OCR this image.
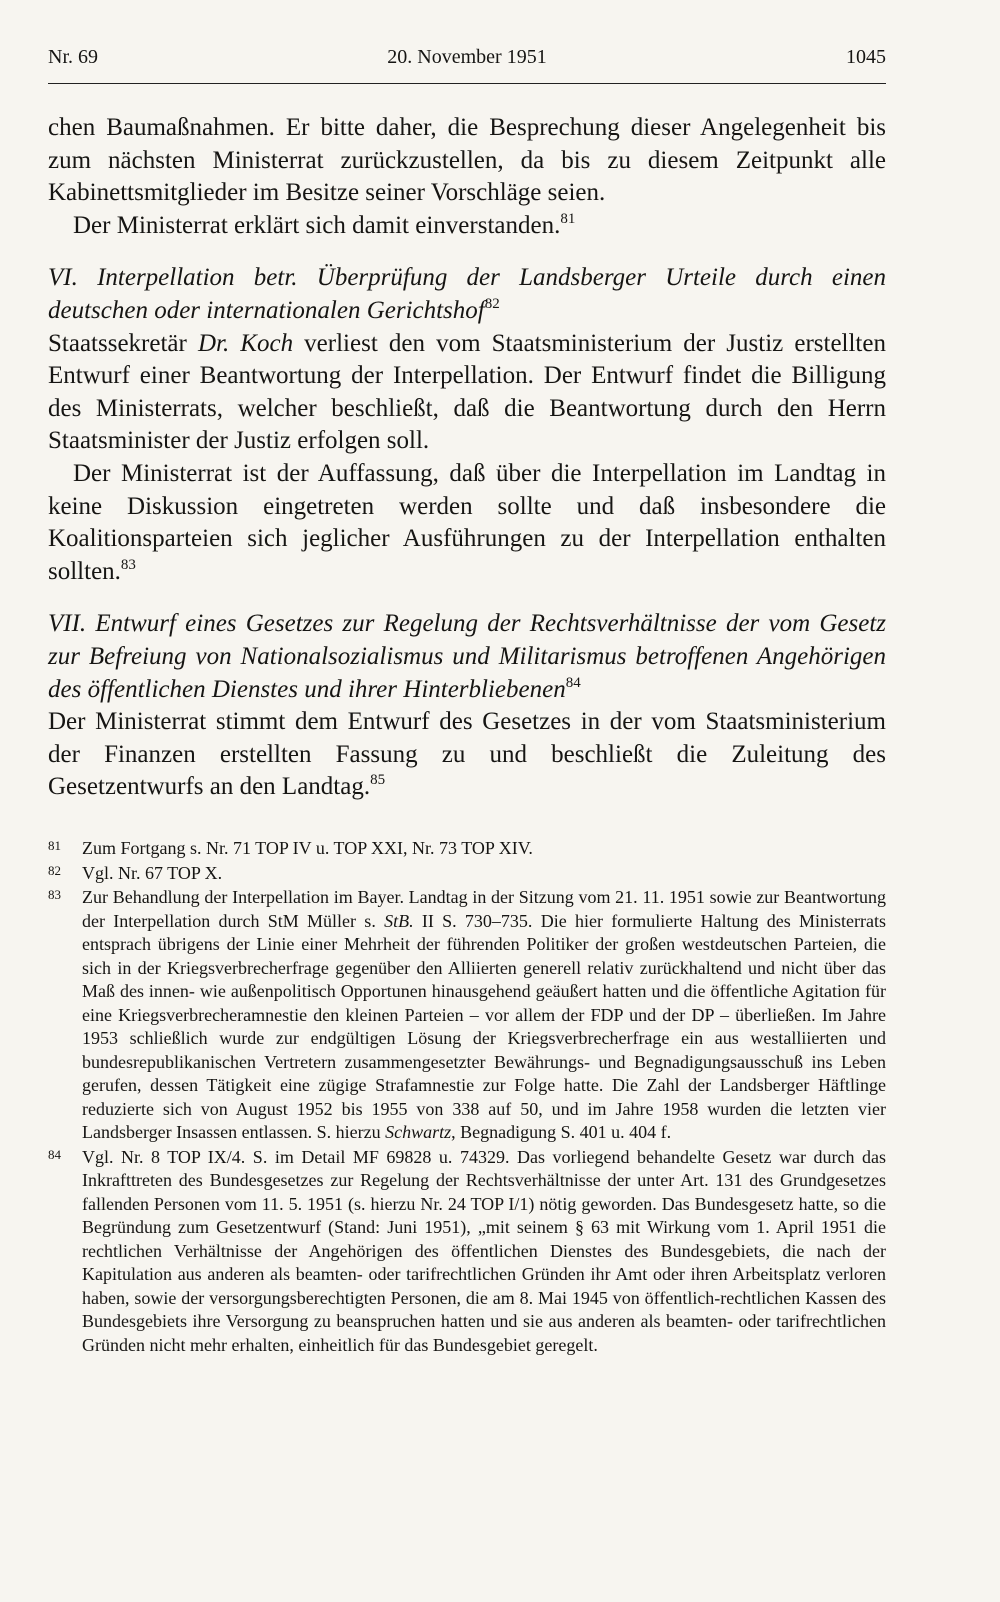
Nr. 69	20. November 1951	1045

chen Baumaßnahmen. Er bitte daher, die Besprechung dieser Angelegenheit bis zum nächsten Ministerrat zurückzustellen, da bis zu diesem Zeitpunkt alle Kabinettsmitglieder im Besitze seiner Vorschläge seien.

Der Ministerrat erklärt sich damit einverstanden.$^{81}$

VI. Interpellation betr. Überprüfung der Landsberger Urteile durch einen deutschen oder internationalen Gerichtshof$^{82}$

Staatssekretär Dr. Koch verliest den vom Staatsministerium der Justiz erstellten Entwurf einer Beantwortung der Interpellation. Der Entwurf findet die Billigung des Ministerrats, welcher beschließt, daß die Beantwortung durch den Herrn Staatsminister der Justiz erfolgen soll.

Der Ministerrat ist der Auffassung, daß über die Interpellation im Landtag in keine Diskussion eingetreten werden sollte und daß insbesondere die Koalitionsparteien sich jeglicher Ausführungen zu der Interpellation enthalten sollten.$^{83}$

VII. Entwurf eines Gesetzes zur Regelung der Rechtsverhältnisse der vom Gesetz zur Befreiung von Nationalsozialismus und Militarismus betroffenen Angehörigen des öffentlichen Dienstes und ihrer Hinterbliebenen$^{84}$

Der Ministerrat stimmt dem Entwurf des Gesetzes in der vom Staatsministerium der Finanzen erstellten Fassung zu und beschließt die Zuleitung des Gesetzentwurfs an den Landtag.$^{85}$

81 Zum Fortgang s. Nr. 71 TOP IV u. TOP XXI, Nr. 73 TOP XIV.

82 Vgl. Nr. 67 TOP X.

83 Zur Behandlung der Interpellation im Bayer. Landtag in der Sitzung vom 21. 11. 1951 sowie zur Beantwortung der Interpellation durch StM Müller s. StB. II S. 730–735. Die hier formulierte Haltung des Ministerrats entsprach übrigens der Linie einer Mehrheit der führenden Politiker der großen westdeutschen Parteien, die sich in der Kriegsverbrecherfrage gegenüber den Alliierten generell relativ zurückhaltend und nicht über das Maß des innen- wie außenpolitisch Opportunen hinausgehend geäußert hatten und die öffentliche Agitation für eine Kriegsverbrecheramnestie den kleinen Parteien – vor allem der FDP und der DP – überließen. Im Jahre 1953 schließlich wurde zur endgültigen Lösung der Kriegsverbrecherfrage ein aus westalliierten und bundesrepublikanischen Vertretern zusammengesetzter Bewährungs- und Begnadigungsausschuß ins Leben gerufen, dessen Tätigkeit eine zügige Strafamnestie zur Folge hatte. Die Zahl der Landsberger Häftlinge reduzierte sich von August 1952 bis 1955 von 338 auf 50, und im Jahre 1958 wurden die letzten vier Landsberger Insassen entlassen. S. hierzu Schwartz, Begnadigung S. 401 u. 404 f.

84 Vgl. Nr. 8 TOP IX/4. S. im Detail MF 69828 u. 74329. Das vorliegend behandelte Gesetz war durch das Inkrafttreten des Bundesgesetzes zur Regelung der Rechtsverhältnisse der unter Art. 131 des Grundgesetzes fallenden Personen vom 11. 5. 1951 (s. hierzu Nr. 24 TOP I/1) nötig geworden. Das Bundesgesetz hatte, so die Begründung zum Gesetzentwurf (Stand: Juni 1951), „mit seinem § 63 mit Wirkung vom 1. April 1951 die rechtlichen Verhältnisse der Angehörigen des öffentlichen Dienstes des Bundesgebiets, die nach der Kapitulation aus anderen als beamten- oder tarifrechtlichen Gründen ihr Amt oder ihren Arbeitsplatz verloren haben, sowie der versorgungsberechtigten Personen, die am 8. Mai 1945 von öffentlich-rechtlichen Kassen des Bundesgebiets ihre Versorgung zu beanspruchen hatten und sie aus anderen als beamten- oder tarifrechtlichen Gründen nicht mehr erhalten, einheitlich für das Bundesgebiet geregelt.
